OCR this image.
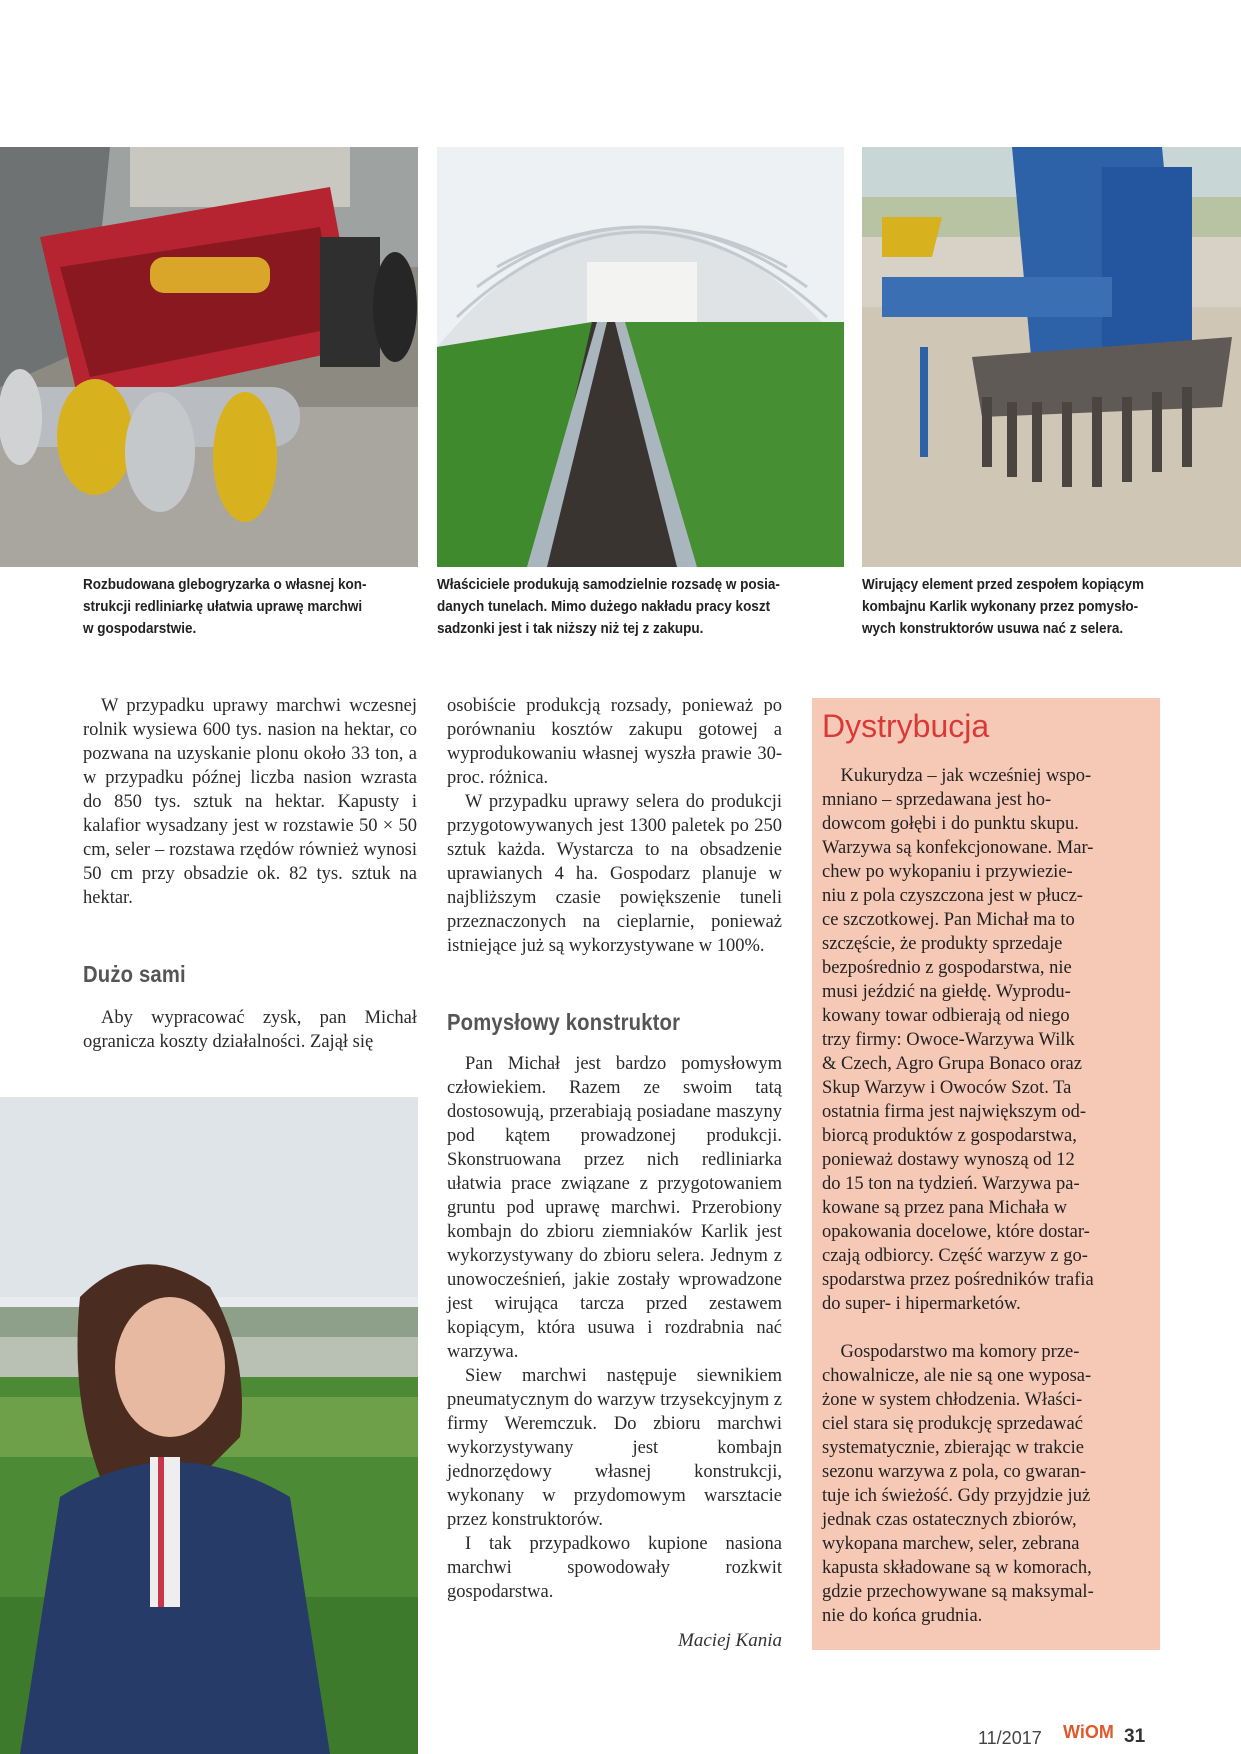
Rozbudowana glebogryzarka o własnej kon-
strukcji redliniarkę ułatwia uprawę marchwi
w gospodarstwie.
Właściciele produkują samodzielnie rozsadę w posia-
danych tunelach. Mimo dużego nakładu pracy koszt
sadzonki jest i tak niższy niż tej z zakupu.
Wirujący element przed zespołem kopiącym
kombajnu Karlik wykonany przez pomysło-
wych konstruktorów usuwa nać z selera.

W przypadku uprawy marchwi wczesnej rolnik wysiewa 600 tys. nasion na hektar, co pozwana na uzyskanie plonu około 33 ton, a w przypadku późnej liczba nasion wzrasta do 850 tys. sztuk na hektar. Kapusty i kalafior wysadzany jest w rozstawie 50 × 50 cm, seler – rozstawa rzędów również wynosi 50 cm przy obsadzie ok. 82 tys. sztuk na hektar.

Dużo sami

Aby wypracować zysk, pan Michał ogranicza koszty działalności. Zajął się

osobiście produkcją rozsady, ponieważ po porównaniu kosztów zakupu gotowej a wyprodukowaniu własnej wyszła prawie 30-proc. różnica.

W przypadku uprawy selera do produkcji przygotowywanych jest 1300 paletek po 250 sztuk każda. Wystarcza to na obsadzenie uprawianych 4 ha. Gospodarz planuje w najbliższym czasie powiększenie tuneli przeznaczonych na cieplarnie, ponieważ istniejące już są wykorzystywane w 100%.

Pomysłowy konstruktor

Pan Michał jest bardzo pomysłowym człowiekiem. Razem ze swoim tatą dostosowują, przerabiają posiadane maszyny pod kątem prowadzonej produkcji. Skonstruowana przez nich redliniarka ułatwia prace związane z przygotowaniem gruntu pod uprawę marchwi. Przerobiony kombajn do zbioru ziemniaków Karlik jest wykorzystywany do zbioru selera. Jednym z unowocześnień, jakie zostały wprowadzone jest wirująca tarcza przed zestawem kopiącym, która usuwa i rozdrabnia nać warzywa.

Siew marchwi następuje siewnikiem pneumatycznym do warzyw trzysekcyjnym z firmy Weremczuk. Do zbioru marchwi wykorzystywany jest kombajn jednorzędowy własnej konstrukcji, wykonany w przydomowym warsztacie przez konstruktorów.

I tak przypadkowo kupione nasiona marchwi spowodowały rozkwit gospodarstwa.

Maciej Kania
Dystrybucja
Kukurydza – jak wcześniej wspo-
mniano – sprzedawana jest ho-
dowcom gołębi i do punktu skupu.
Warzywa są konfekcjonowane. Mar-
chew po wykopaniu i przywiezie-
niu z pola czyszczona jest w płucz-
ce szczotkowej. Pan Michał ma to
szczęście, że produkty sprzedaje
bezpośrednio z gospodarstwa, nie
musi jeździć na giełdę. Wyprodu-
kowany towar odbierają od niego
trzy firmy: Owoce-Warzywa Wilk
& Czech, Agro Grupa Bonaco oraz
Skup Warzyw i Owoców Szot. Ta
ostatnia firma jest największym od-
biorcą produktów z gospodarstwa,
ponieważ dostawy wynoszą od 12
do 15 ton na tydzień. Warzywa pa-
kowane są przez pana Michała w
opakowania docelowe, które dostar-
czają odbiorcy. Część warzyw z go-
spodarstwa przez pośredników trafia
do super- i hipermarketów.
Gospodarstwo ma komory prze-
chowalnicze, ale nie są one wyposa-
żone w system chłodzenia. Właści-
ciel stara się produkcję sprzedawać
systematycznie, zbierając w trakcie
sezonu warzywa z pola, co gwaran-
tuje ich świeżość. Gdy przyjdzie już
jednak czas ostatecznych zbiorów,
wykopana marchew, seler, zebrana
kapusta składowane są w komorach,
gdzie przechowywane są maksymal-
nie do końca grudnia.
11/2017 WiOM 31
